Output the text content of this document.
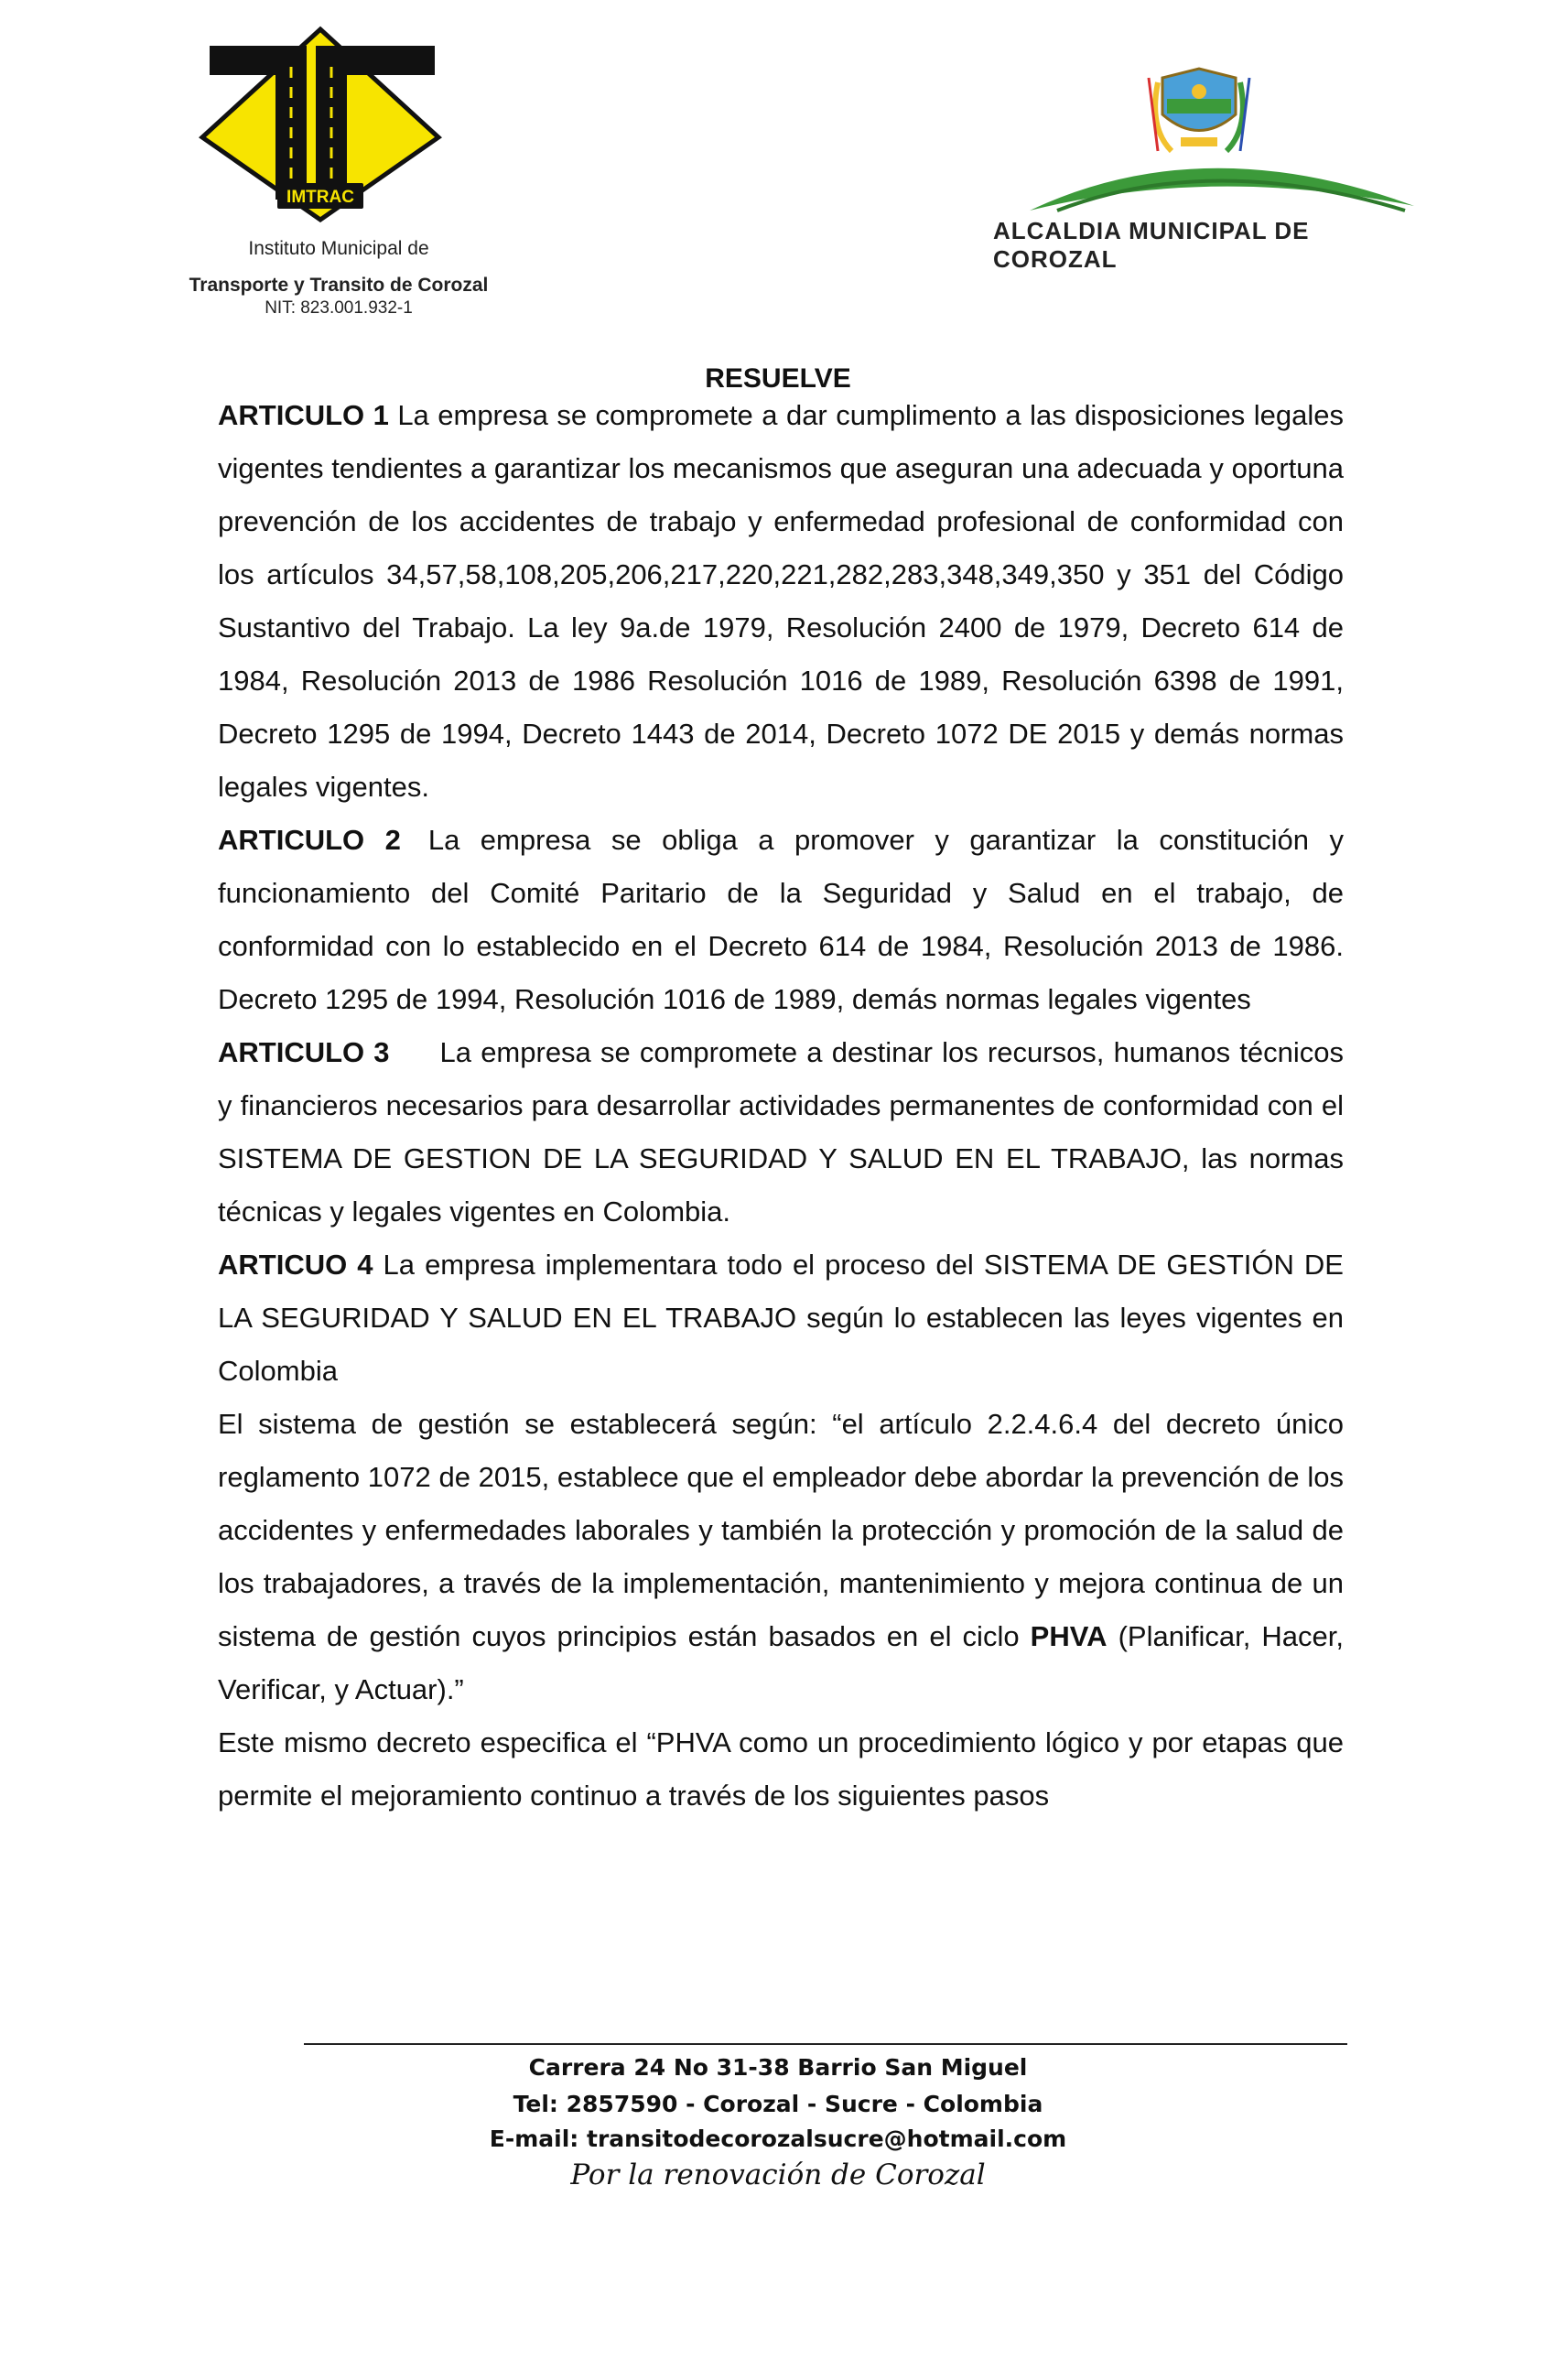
IMTRAC
Instituto Municipal de
Transporte y Transito de Corozal
NIT: 823.001.932-1
ALCALDIA MUNICIPAL DE COROZAL
RESUELVE

ARTICULO 1 La empresa se compromete a dar cumplimento a las disposiciones legales vigentes tendientes a garantizar los mecanismos que aseguran una adecuada y oportuna prevención de los accidentes de trabajo y enfermedad profesional de conformidad con los artículos 34,57,58,108,205,206,217,220,221,282,283,348,349,350 y 351 del Código Sustantivo del Trabajo. La ley 9a.de 1979, Resolución 2400 de 1979, Decreto 614 de 1984, Resolución 2013 de 1986 Resolución 1016 de 1989, Resolución 6398 de 1991, Decreto 1295 de 1994, Decreto 1443 de 2014, Decreto 1072 DE 2015 y demás normas legales vigentes.

ARTICULO 2 La empresa se obliga a promover y garantizar la constitución y funcionamiento del Comité Paritario de la Seguridad y Salud en el trabajo, de conformidad con lo establecido en el Decreto 614 de 1984, Resolución 2013 de 1986. Decreto 1295 de 1994, Resolución 1016 de 1989, demás normas legales vigentes

ARTICULO 3 La empresa se compromete a destinar los recursos, humanos técnicos y financieros necesarios para desarrollar actividades permanentes de conformidad con el SISTEMA DE GESTION DE LA SEGURIDAD Y SALUD EN EL TRABAJO, las normas técnicas y legales vigentes en Colombia.

ARTICUO 4 La empresa implementara todo el proceso del SISTEMA DE GESTIÓN DE LA SEGURIDAD Y SALUD EN EL TRABAJO según lo establecen las leyes vigentes en Colombia

El sistema de gestión se establecerá según: “el artículo 2.2.4.6.4 del decreto único reglamento 1072 de 2015, establece que el empleador debe abordar la prevención de los accidentes y enfermedades laborales y también la protección y promoción de la salud de los trabajadores, a través de la implementación, mantenimiento y mejora continua de un sistema de gestión cuyos principios están basados en el ciclo PHVA (Planificar, Hacer, Verificar, y Actuar).”

Este mismo decreto especifica el “PHVA como un procedimiento lógico y por etapas que permite el mejoramiento continuo a través de los siguientes pasos

Carrera 24 No 31-38 Barrio San Miguel
Tel: 2857590 - Corozal - Sucre - Colombia
E-mail: transitodecorozalsucre@hotmail.com
Por la renovación de Corozal
